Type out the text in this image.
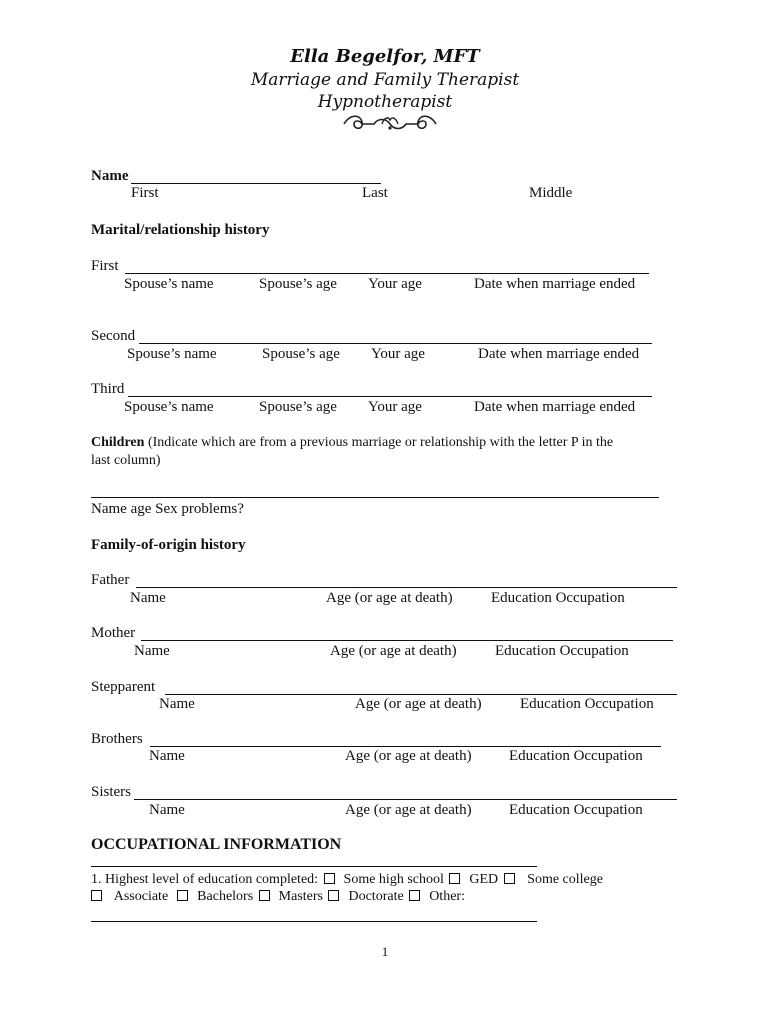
Ella Begelfor, MFT
Marriage and Family Therapist
Hypnotherapist
Name
First	Last	Middle
Marital/relationship history
First
Spouse’s name	Spouse’s age Your age	Date when marriage ended
Second
Spouse’s name	Spouse’s age Your age	Date when marriage ended
Third
Spouse’s name	Spouse’s age Your age	Date when marriage ended
Children (Indicate which are from a previous marriage or relationship with the letter P in the
last column)
Name age Sex problems?
Family-of-origin history
Father
Name	Age (or age at death)	Education Occupation
Mother
Name	Age (or age at death)	Education Occupation
Stepparent
Name	Age (or age at death)	Education Occupation
Brothers
Name	Age (or age at death) Education Occupation
Sisters
Name	Age (or age at death) Education Occupation
OCCUPATIONAL INFORMATION
1. Highest level of education completed: Some high school GED Some college
Associate Bachelors Masters Doctorate Other:
1
